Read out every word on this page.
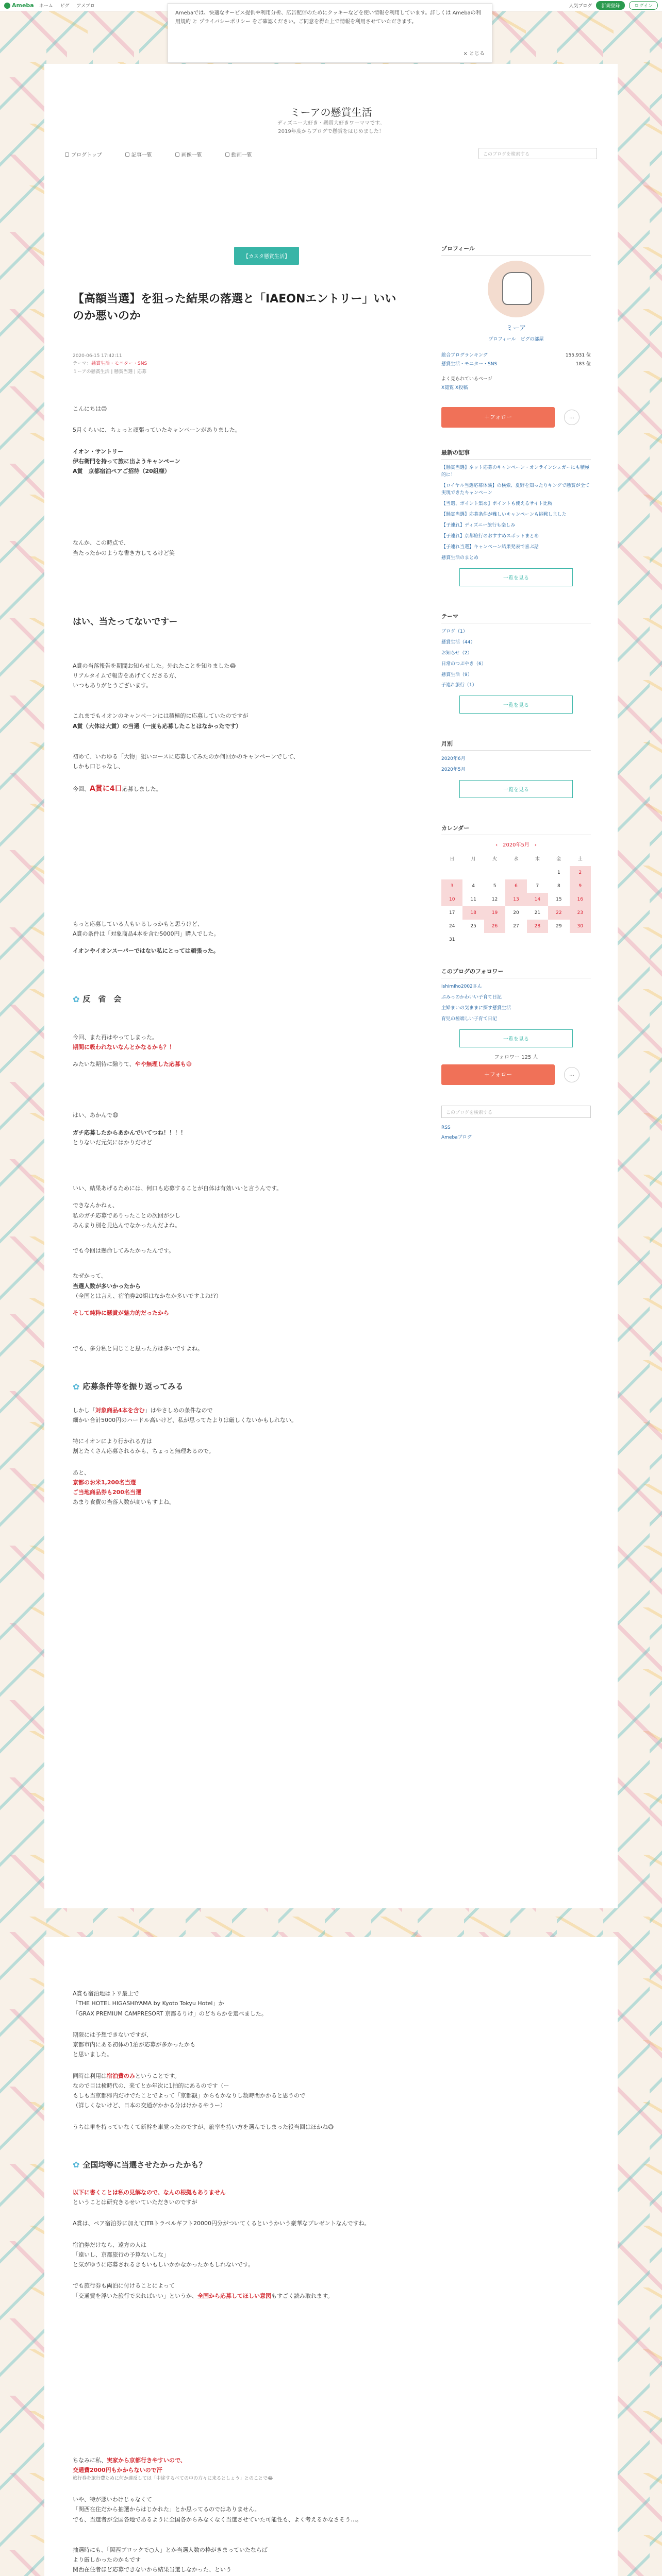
Ameba ホーム ピグ アメブロ	人気ブログ	新規登録	ログイン
Amebaでは、快適なサービス提供や利用分析、広告配信のためにクッキーなどを使い情報を利用しています。詳しくは Amebaの利用規約 と プライバシーポリシー をご確認ください。ご同意を得た上で情報を利用させていただきます。
× とじる
ミーアの懸賞生活
ディズニー大好き・懸賞大好きワーママです。
2019年度からブログで懸賞をはじめました！
ブログトップ	記事一覧	画像一覧	動画一覧	このブログを検索する
【カスタ懸賞生活】
【高額当選】を狙った結果の落選と「IAEONエントリー」いいのか悪いのか
2020-06-15 17:42:11
テーマ：懸賞生活・モニター・SNS
ミーアの懸賞生活 | 懸賞当選 | 応募

こんにちは😊

5月くらいに、ちょっと頑張っていたキャンペーンがありました。

イオン・サントリー

伊右衛門を持って旅に出ようキャンペーン

A賞　京都宿泊ペアご招待（20組様）

なんか、この時点で、

当たったかのような書き方してるけど笑

はい、当たってないですー

A賞の当落報告を期間お知らせした。外れたことを知りました😂

リアルタイムで報告をあげてくださる方、

いつもありがとうございます。

これまでもイオンのキャンペーンには積極的に応募していたのですが

A賞（大体は大賞）の当選（一度も応募したことはなかったです）

初めて、いわゆる「大物」狙いコースに応募してみたのか何回かのキャンペーンでして、

しかも口じゃなし、

今回、A賞に4口応募しました。

もっと応募している人もいるしっかもと思うけど、

A賞の条件は「対象商品4本を含む5000円」購入でした。

イオンやイオンスーパーではない私にとっては頑張った。

✿ 反　省　会

今回、また再はやってしまった。

期間に吸われないなんとかなるかも？！

みたいな期待に隙りて、やや無理した応募も😅

はい、あかんで😩

ガチ応募したからあかんでいてつね！！！！

とりないだ元気にはかりだけど

いい、結果あげるためには、何口も応募することが自体は有効いいと言うんです。

できなんかねぇ、

私のガチ応募でありったことの次回が少し

あんまり別を見込んでなかったんだよね。

でも今回は懸命してみたかったんです。

なぜかって、

当選人数が多いかったから

（全国とは言え、宿泊券20組はなかなか多いですよね!?）

そして純粋に懸賞が魅力的だったから

でも、多分私と同じこと思った方は多いですよね。

✿ 応募条件等を振り返ってみる

しかし「対象商品4本を含む」はやさしめの条件なので

細かい合計5000円のハードル高いけど、私が思ってたよりは厳しくないかもしれない。

特にイオンにより行かれる方は

割とたくさん応募されるかも、ちょっと無理あるので。

あと、

京都のお米1,200名当選

ご当地商品券も200名当選

あまり食費の当落人数が高いもすよね。

プロフィール
ミーア
プロフィール　ピグの部屋
総合ブログランキング	155,931 位
懸賞生活・モニター・SNS	183 位
よく見られているページ
X閲覧 X投稿
＋フォロー	…
最新の記事
【懸賞当選】ネット応募のキャンペーン・オンラインシュガーにも積極的に！
【ロイヤル当選応募体験】の検索、夏野を知ったりキングで懸賞が全て実現できたキャンペーン
【当選、ポイント集め】ポイントも使えるサイト比較
【懸賞当選】応募条件が難しいキャンペーンも挑戦しました
【子連れ】ディズニー旅行も楽しみ
【子連れ】京都旅行のおすすめスポットまとめ
【子連れ当選】キャンペーン結果発表で喜ぶ話
懸賞生活のまとめ
一覧を見る
テーマ
ブログ（1）
懸賞生活（44）
お知らせ（2）
日常のつぶやき（6）
懸賞生活（9）
子連れ旅行（1）
一覧を見る
月別
2020年6月
2020年5月
一覧を見る
カレンダー
‹　2020年5月　›
日	月	火	水	木	金	土
					1	2
3	4	5	6	7	8	9
10	11	12	13	14	15	16
17	18	19	20	21	22	23
24	25	26	27	28	29	30
31						
このブログのフォロワー
ishimiho2002さん
ぷみっのかわいい子育て日記
主婦まいの気ままに探す懸賞生活
育児の極端しい子育て日記
一覧を見る
フォロワー 125 人
＋フォロー	…
このブログを検索する
RSS
Amebaブログ

A賞も宿泊地はトリ最上で

「THE HOTEL HIGASHIYAMA by Kyoto Tokyu Hotel」か

「GRAX PREMIUM CAMPRESORT 京都るりけ」のどちらかを選べました。

期限には予想できないですが、

京都市内にある初体の1泊が応募が多かったかも

と思いました。

同時は利用は宿泊費のみということです。

なので目は検時代の、来てとか年次に1拍的にあるのです（ー

もしも当京都帰内だけでたことでよって「京都観」からもかなりし数時間かかると思うので

（詳しくないけど、日本の交通がかかる分はけかるやうー）

うちは単を持っていなくて新幹を車覚ったのですが、旅率を持い方を選んでしまった役当回はほかね😅

✿ 全国均等に当選させたかったかも？

以下に書くことは私の見解なので、なんの根拠もありません

ということは研究きるせいていただきいのですが

A賞は、ペア宿泊券に加えてJTBトラベルギフト20000円分がついてくるというかいう豪華なプレゼントなんですね。

宿泊券だけなら、遠方の人は

「遠いし、京都旅行の予算ないしな」

と気がゆうに応募されるきもいもしいかかなかったかもしれないです。

でも旅行券も両泊に付けることによって

「交通費を浮いた旅行で来ればいい」というか、全国から応募してほしい意図もすごく読み取れます。

ちなみに私、実家から京都行きやすいので、

交通費2000円もかからないので汗

旅行券を旅行費ために何か違反しては「中途するべての中の方々に来るとしょう」とのことで😂

いや、特が悪いわけじゃなくて

「関西在住だから抽選からはじかれた」とか思ってるのではありません。

でも、当選者が全国各地であるように全国各からみなくなく当選させていた可能性も、よく考えるかなさそう…。

抽選時にも、「関西ブロックで○人」とか当選人数の枠がきまっていたならば

より厳しかったのかもです

関西在住者ほど応募できないから結果当選しなかった、という
